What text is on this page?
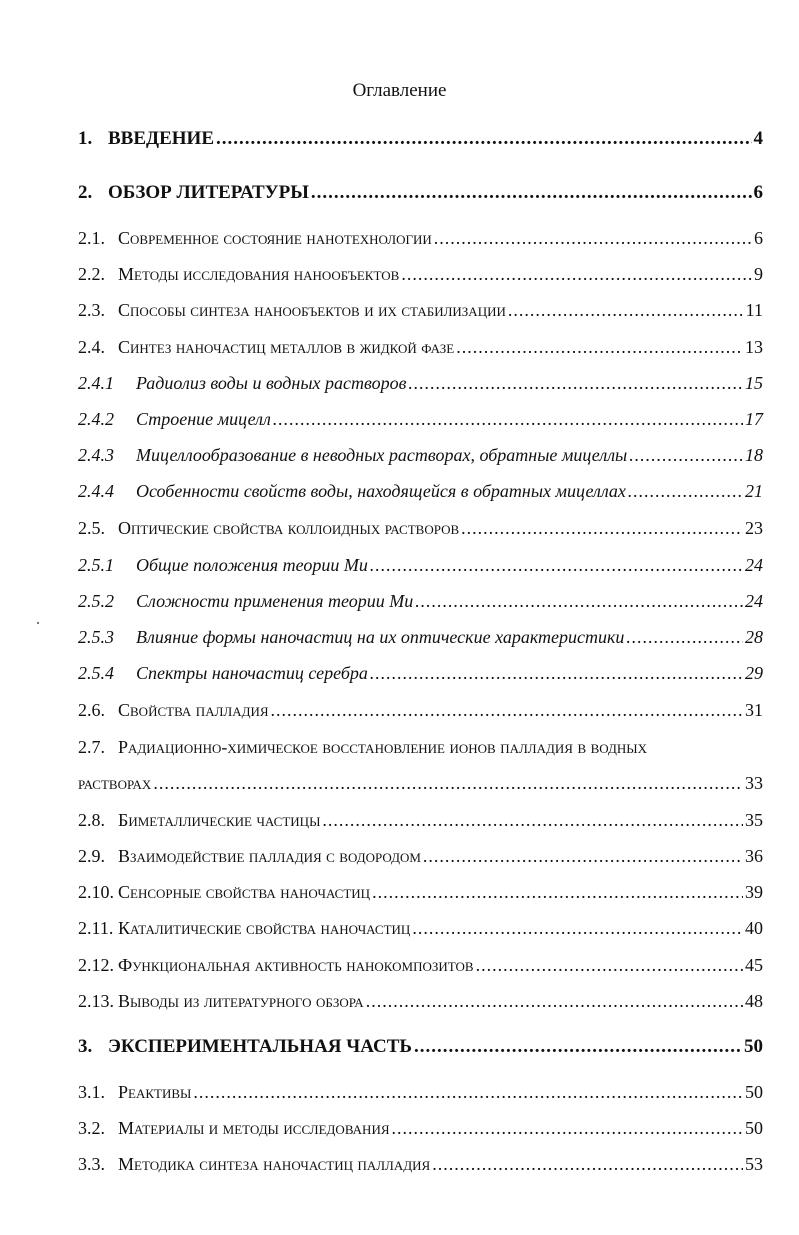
Оглавление
1. ВВЕДЕНИЕ .....	4
2. ОБЗОР ЛИТЕРАТУРЫ .....	6
2.1. Современное состояние нанотехнологии .....	6
2.2. Методы исследования нанообъектов .....	9
2.3. Способы синтеза нанообъектов и их стабилизации .....	11
2.4. Синтез наночастиц металлов в жидкой фазе .....	13
2.4.1	Радиолиз воды и водных растворов .....	15
2.4.2	Строение мицелл .....	17
2.4.3	Мицеллообразование в неводных растворах, обратные мицеллы .....	18
2.4.4	Особенности свойств воды, находящейся в обратных мицеллах .....	21
2.5. Оптические свойства коллоидных растворов .....	23
2.5.1	Общие положения теории Ми .....	24
2.5.2	Сложности применения теории Ми .....	24
2.5.3	Влияние формы наночастиц на их оптические характеристики .....	28
2.5.4	Спектры наночастиц серебра .....	29
2.6. Свойства палладия .....	31
2.7. Радиационно-химическое восстановление ионов палладия в водных
растворах .....	33
2.8. Биметаллические частицы .....	35
2.9. Взаимодействие палладия с водородом .....	36
2.10. Сенсорные свойства наночастиц .....	39
2.11. Каталитические свойства наночастиц .....	40
2.12. Функциональная активность нанокомпозитов .....	45
2.13. Выводы из литературного обзора .....	48
3. ЭКСПЕРИМЕНТАЛЬНАЯ ЧАСТЬ .....	50
3.1. Реактивы .....	50
3.2. Материалы и методы исследования .....	50
3.3. Методика синтеза наночастиц палладия .....	53
